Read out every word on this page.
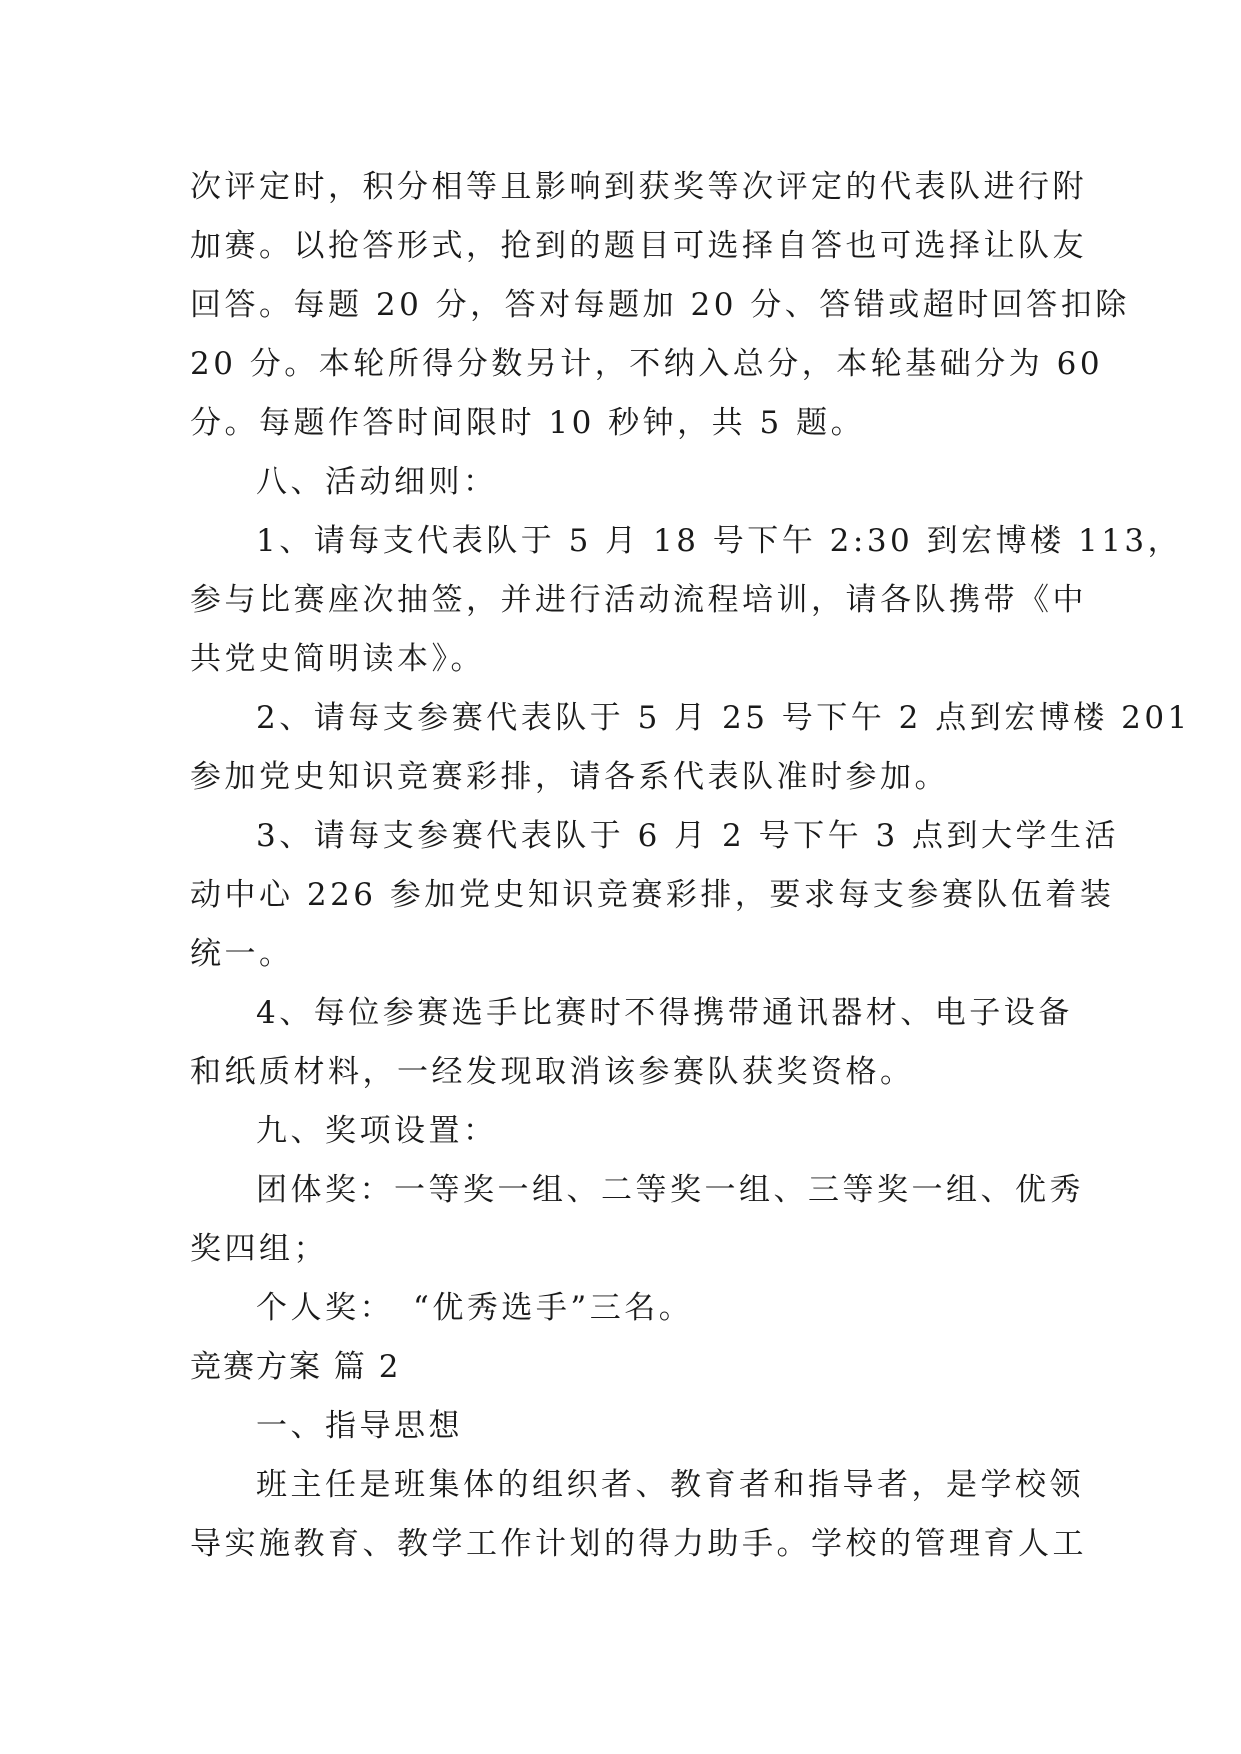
次评定时，积分相等且影响到获奖等次评定的代表队进行附
加赛。以抢答形式，抢到的题目可选择自答也可选择让队友
回答。每题 20 分，答对每题加 20 分、答错或超时回答扣除
20 分。本轮所得分数另计，不纳入总分，本轮基础分为 60
分。每题作答时间限时 10 秒钟，共 5 题。
八、活动细则：
1、请每支代表队于 5 月 18 号下午 2:30 到宏博楼 113，
参与比赛座次抽签，并进行活动流程培训，请各队携带《中
共党史简明读本》。
2、请每支参赛代表队于 5 月 25 号下午 2 点到宏博楼 201
参加党史知识竞赛彩排，请各系代表队准时参加。
3、请每支参赛代表队于 6 月 2 号下午 3 点到大学生活
动中心 226 参加党史知识竞赛彩排，要求每支参赛队伍着装
统一。
4、每位参赛选手比赛时不得携带通讯器材、电子设备
和纸质材料，一经发现取消该参赛队获奖资格。
九、奖项设置：
团体奖：一等奖一组、二等奖一组、三等奖一组、优秀
奖四组；
个人奖：　“优秀选手”三名。
竞赛方案 篇 2
一、指导思想
班主任是班集体的组织者、教育者和指导者，是学校领
导实施教育、教学工作计划的得力助手。学校的管理育人工
